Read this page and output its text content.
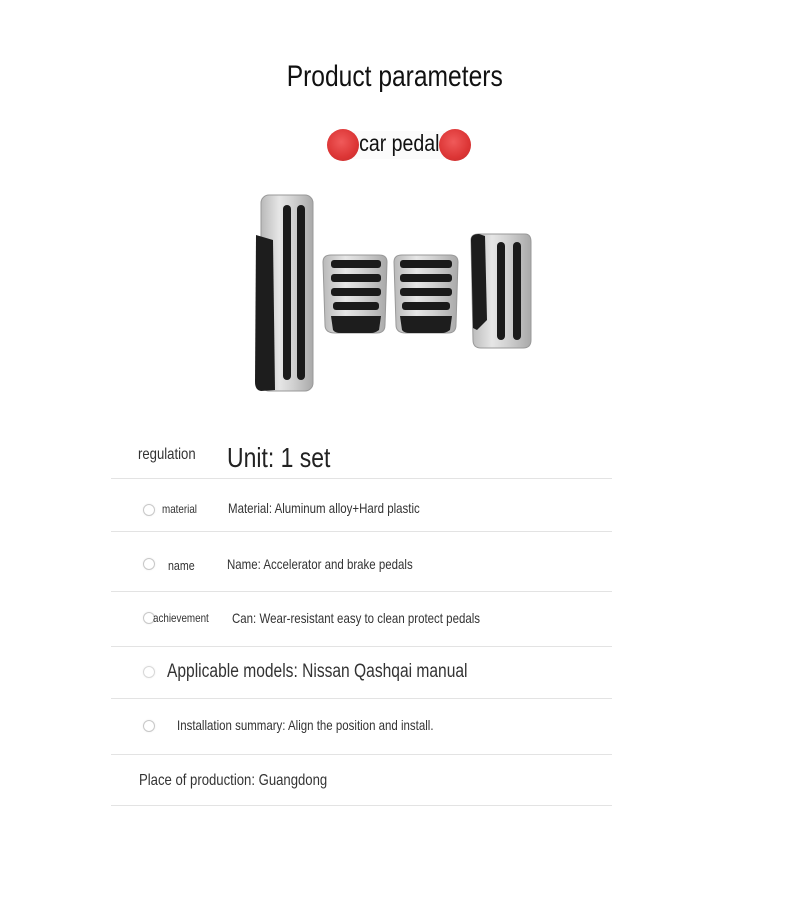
Product parameters
car pedal
regulation	Unit: 1 set
material	Material: Aluminum alloy+Hard plastic
name	Name: Accelerator and brake pedals
achievement	Can: Wear-resistant easy to clean protect pedals
Applicable models: Nissan Qashqai manual
Installation summary: Align the position and install.
Place of production: Guangdong
